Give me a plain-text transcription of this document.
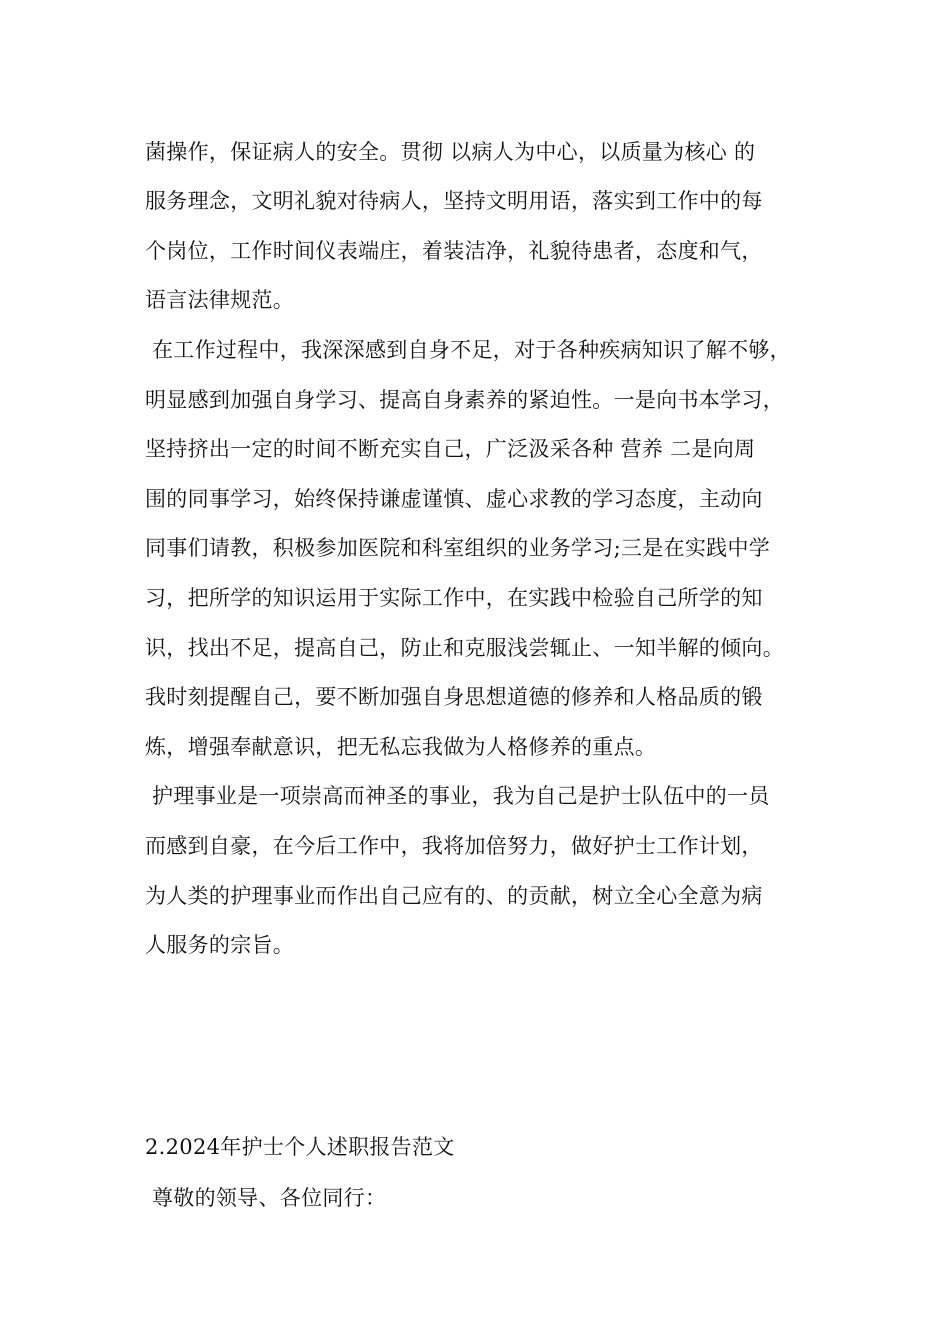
菌操作，保证病人的安全。贯彻 以病人为中心，以质量为核心 的
服务理念，文明礼貌对待病人，坚持文明用语，落实到工作中的每
个岗位，工作时间仪表端庄，着装洁净，礼貌待患者，态度和气，
语言法律规范。
在工作过程中，我深深感到自身不足，对于各种疾病知识了解不够，
明显感到加强自身学习、提高自身素养的紧迫性。一是向书本学习，
坚持挤出一定的时间不断充实自己，广泛汲采各种 营养 二是向周
围的同事学习，始终保持谦虚谨慎、虚心求教的学习态度，主动向
同事们请教，积极参加医院和科室组织的业务学习;三是在实践中学
习，把所学的知识运用于实际工作中，在实践中检验自己所学的知
识，找出不足，提高自己，防止和克服浅尝辄止、一知半解的倾向。
我时刻提醒自己，要不断加强自身思想道德的修养和人格品质的锻
炼，增强奉献意识，把无私忘我做为人格修养的重点。
护理事业是一项崇高而神圣的事业，我为自己是护士队伍中的一员
而感到自豪，在今后工作中，我将加倍努力，做好护士工作计划，
为人类的护理事业而作出自己应有的、的贡献，树立全心全意为病
人服务的宗旨。
2.2024年护士个人述职报告范文
尊敬的领导、各位同行：
